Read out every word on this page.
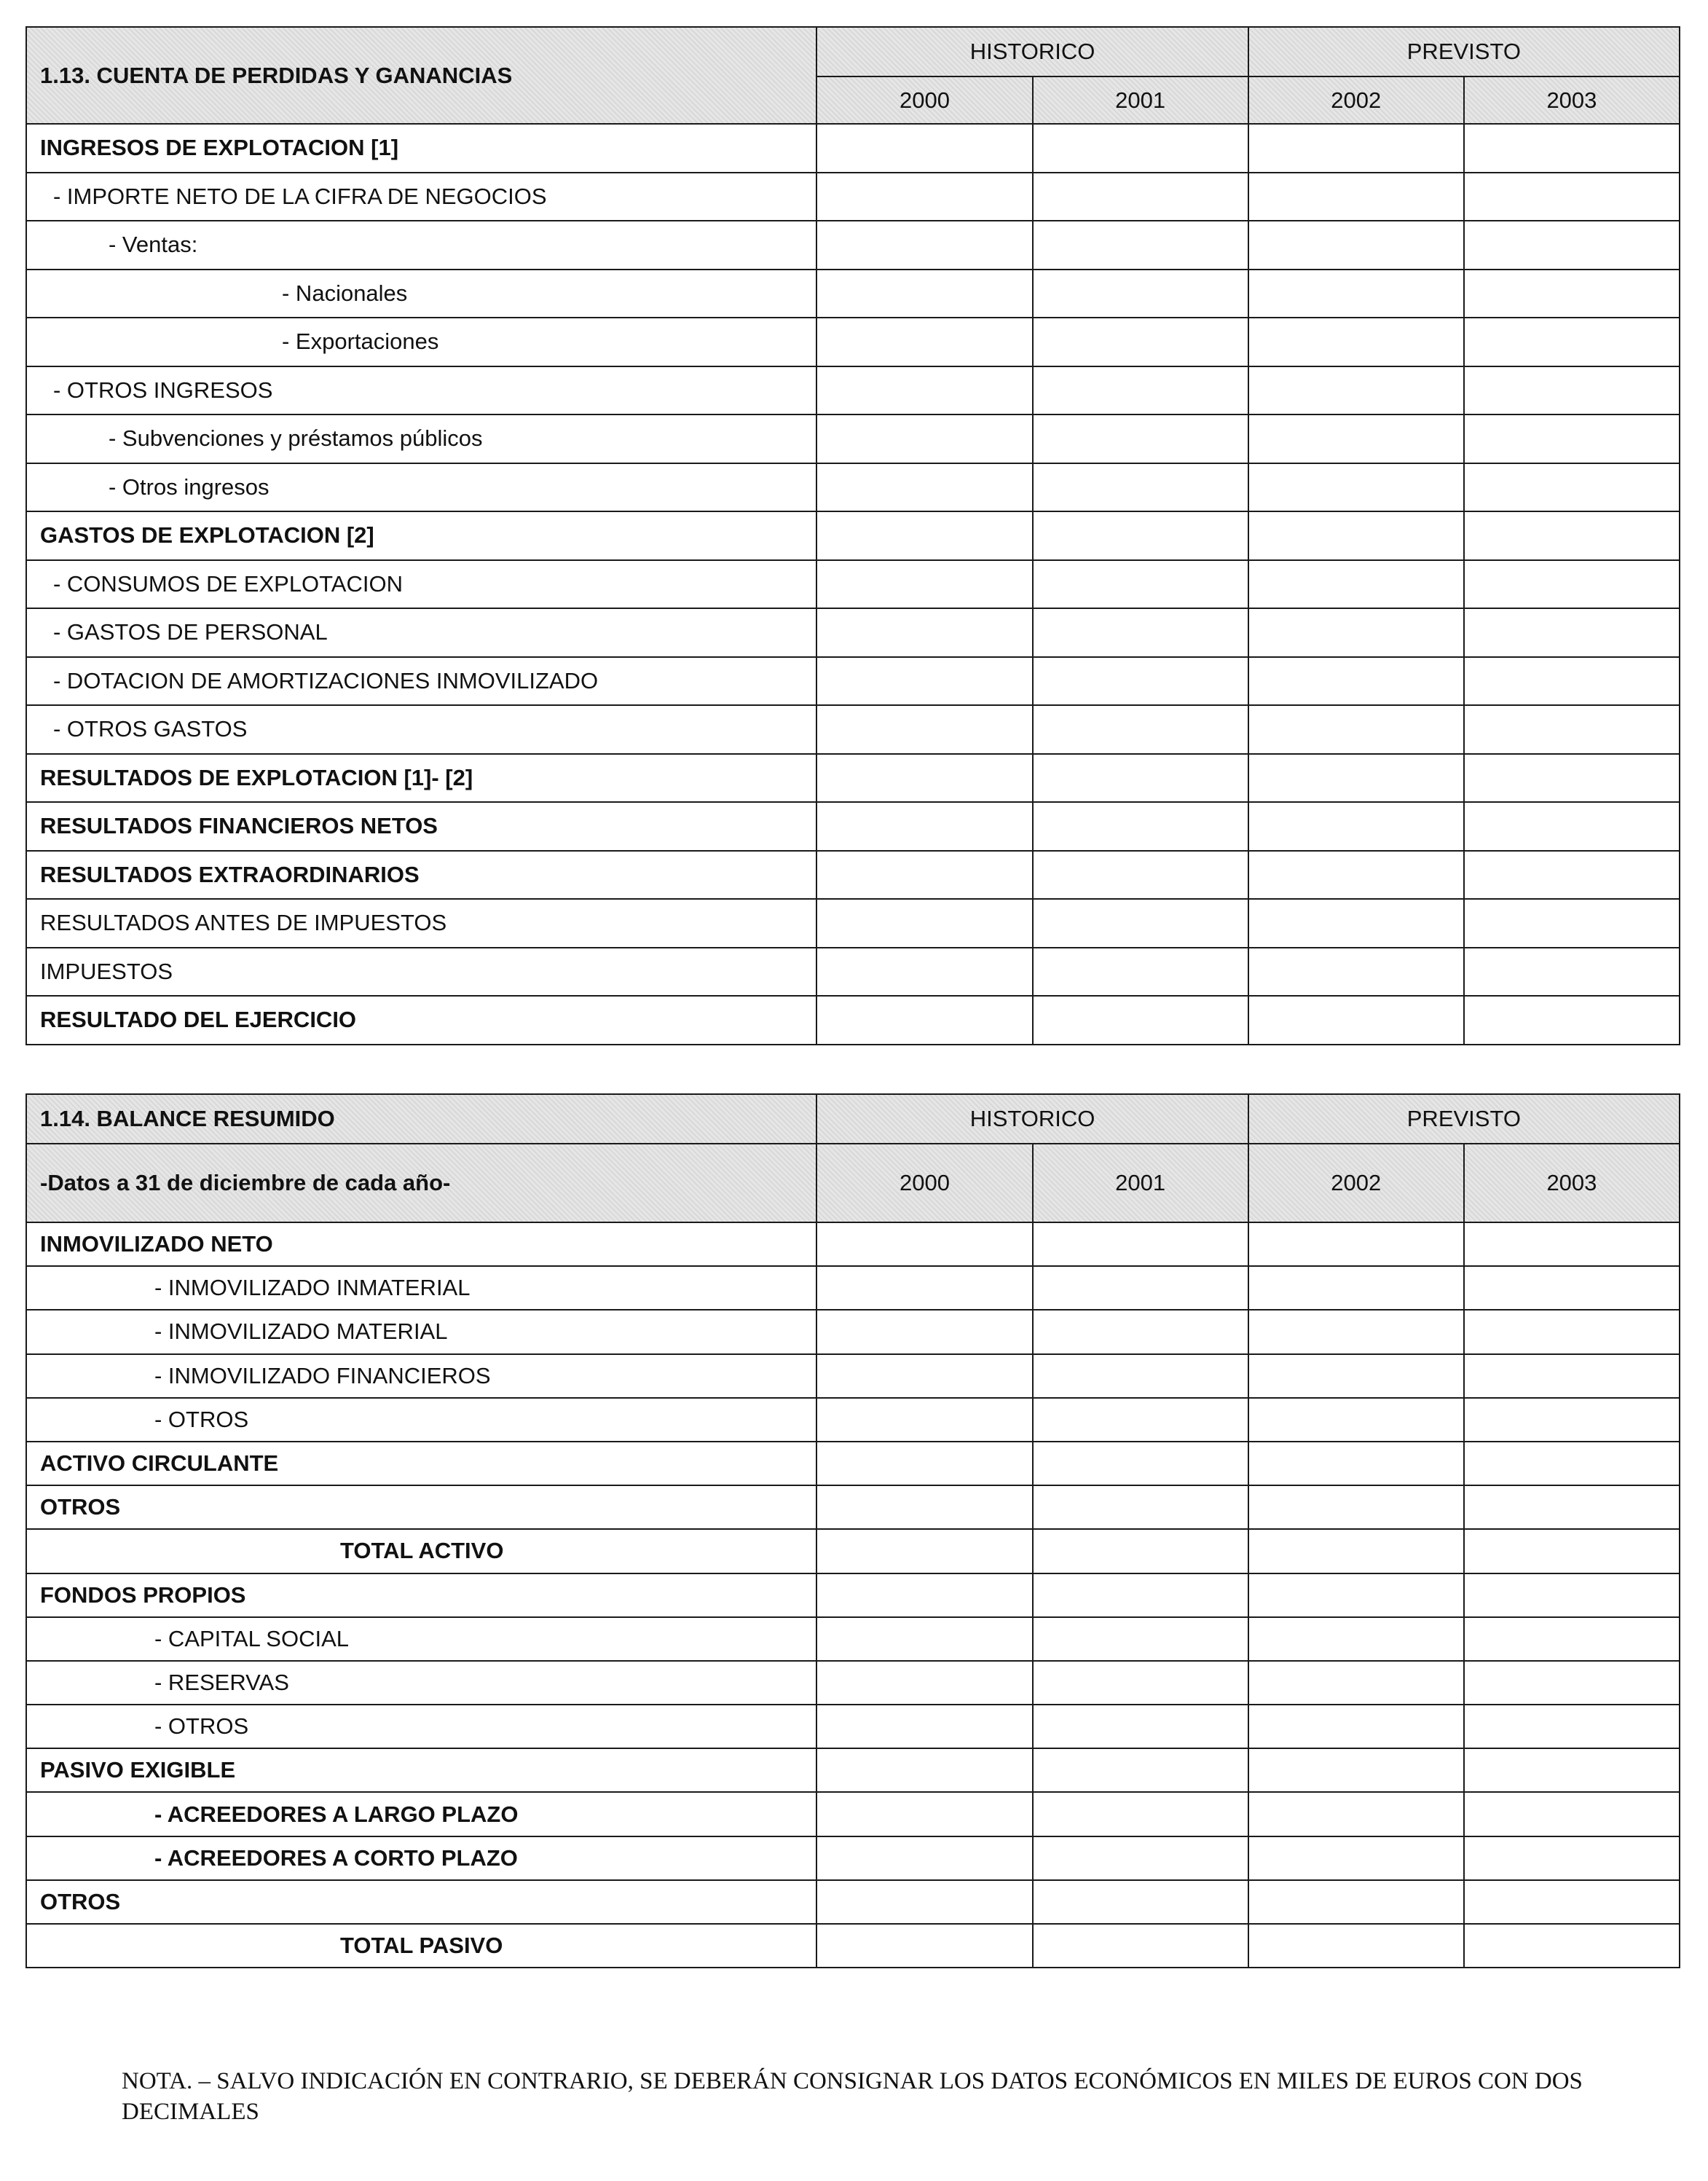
1.13. CUENTA DE PERDIDAS Y GANANCIAS	HISTORICO		PREVISTO	
	2000	2001	2002	2003
INGRESOS DE EXPLOTACION [1]				
- IMPORTE NETO DE LA CIFRA DE NEGOCIOS				
- Ventas:				
- Nacionales				
- Exportaciones				
- OTROS INGRESOS				
- Subvenciones y préstamos públicos				
- Otros ingresos				
GASTOS DE EXPLOTACION [2]				
- CONSUMOS DE EXPLOTACION				
- GASTOS DE PERSONAL				
- DOTACION DE AMORTIZACIONES INMOVILIZADO				
- OTROS GASTOS				
RESULTADOS DE EXPLOTACION [1]- [2]				
RESULTADOS FINANCIEROS NETOS				
RESULTADOS EXTRAORDINARIOS				
RESULTADOS ANTES DE IMPUESTOS				
IMPUESTOS				
RESULTADO DEL EJERCICIO				
1.14. BALANCE RESUMIDO	HISTORICO		PREVISTO	
-Datos a 31 de diciembre de cada año-	2000	2001	2002	2003
INMOVILIZADO NETO				
- INMOVILIZADO INMATERIAL				
- INMOVILIZADO MATERIAL				
- INMOVILIZADO FINANCIEROS				
- OTROS				
ACTIVO CIRCULANTE				
OTROS				
TOTAL ACTIVO				
FONDOS PROPIOS				
- CAPITAL SOCIAL				
- RESERVAS				
- OTROS				
PASIVO EXIGIBLE				
- ACREEDORES A LARGO PLAZO				
- ACREEDORES A CORTO PLAZO				
OTROS				
TOTAL PASIVO				
NOTA. – SALVO INDICACIÓN EN CONTRARIO, SE DEBERÁN CONSIGNAR LOS DATOS ECONÓMICOS EN MILES DE EUROS CON DOS DECIMALES
